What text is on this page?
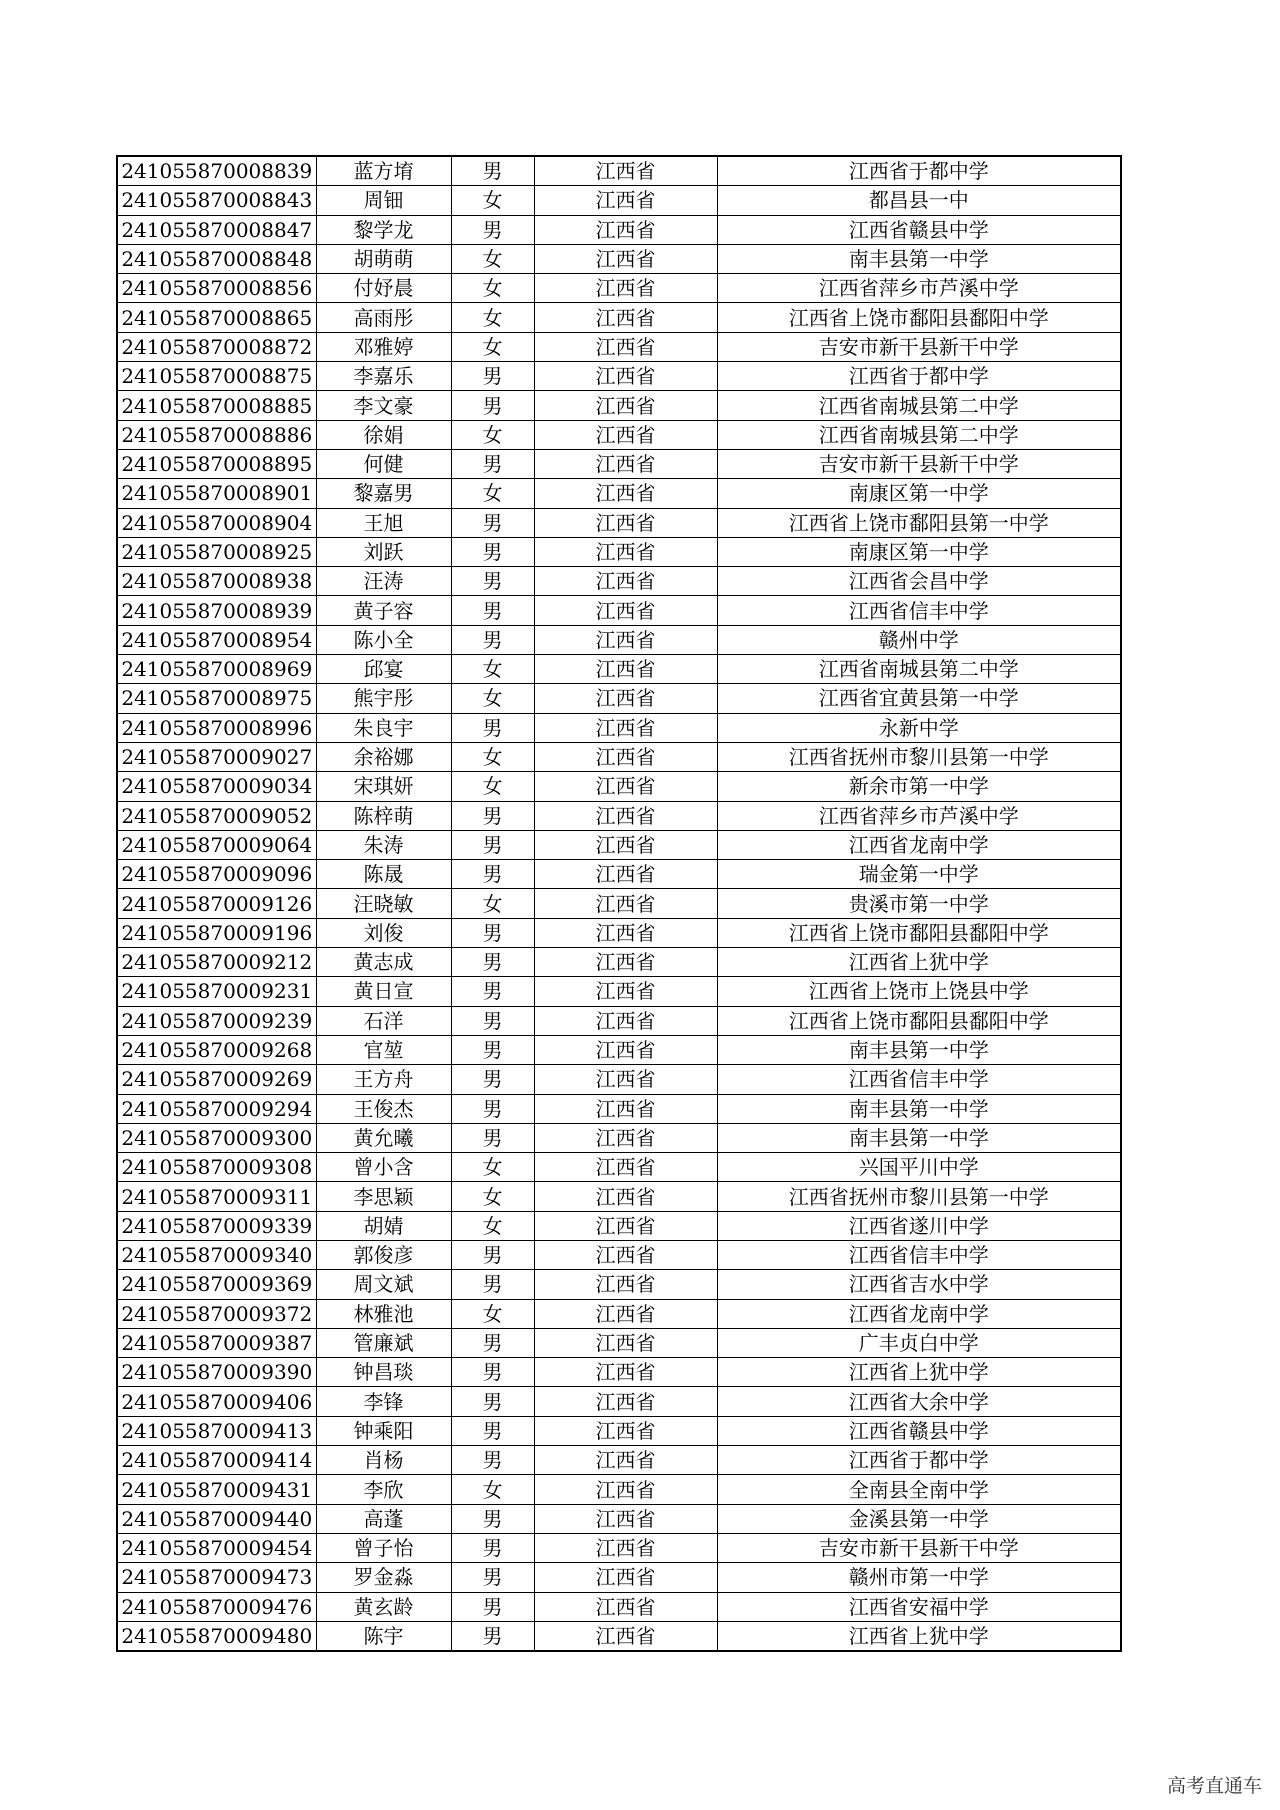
241055870008839	蓝方堉	男	江西省	江西省于都中学
241055870008843	周钿	女	江西省	都昌县一中
241055870008847	黎学龙	男	江西省	江西省赣县中学
241055870008848	胡萌萌	女	江西省	南丰县第一中学
241055870008856	付妤晨	女	江西省	江西省萍乡市芦溪中学
241055870008865	高雨彤	女	江西省	江西省上饶市鄱阳县鄱阳中学
241055870008872	邓雅婷	女	江西省	吉安市新干县新干中学
241055870008875	李嘉乐	男	江西省	江西省于都中学
241055870008885	李文豪	男	江西省	江西省南城县第二中学
241055870008886	徐娟	女	江西省	江西省南城县第二中学
241055870008895	何健	男	江西省	吉安市新干县新干中学
241055870008901	黎嘉男	女	江西省	南康区第一中学
241055870008904	王旭	男	江西省	江西省上饶市鄱阳县第一中学
241055870008925	刘跃	男	江西省	南康区第一中学
241055870008938	汪涛	男	江西省	江西省会昌中学
241055870008939	黄子容	男	江西省	江西省信丰中学
241055870008954	陈小全	男	江西省	赣州中学
241055870008969	邱宴	女	江西省	江西省南城县第二中学
241055870008975	熊宇彤	女	江西省	江西省宜黄县第一中学
241055870008996	朱良宇	男	江西省	永新中学
241055870009027	余裕娜	女	江西省	江西省抚州市黎川县第一中学
241055870009034	宋琪妍	女	江西省	新余市第一中学
241055870009052	陈梓萌	男	江西省	江西省萍乡市芦溪中学
241055870009064	朱涛	男	江西省	江西省龙南中学
241055870009096	陈晟	男	江西省	瑞金第一中学
241055870009126	汪晓敏	女	江西省	贵溪市第一中学
241055870009196	刘俊	男	江西省	江西省上饶市鄱阳县鄱阳中学
241055870009212	黄志成	男	江西省	江西省上犹中学
241055870009231	黄日宣	男	江西省	江西省上饶市上饶县中学
241055870009239	石洋	男	江西省	江西省上饶市鄱阳县鄱阳中学
241055870009268	官堃	男	江西省	南丰县第一中学
241055870009269	王方舟	男	江西省	江西省信丰中学
241055870009294	王俊杰	男	江西省	南丰县第一中学
241055870009300	黄允曦	男	江西省	南丰县第一中学
241055870009308	曾小含	女	江西省	兴国平川中学
241055870009311	李思颖	女	江西省	江西省抚州市黎川县第一中学
241055870009339	胡婧	女	江西省	江西省遂川中学
241055870009340	郭俊彦	男	江西省	江西省信丰中学
241055870009369	周文斌	男	江西省	江西省吉水中学
241055870009372	林雅池	女	江西省	江西省龙南中学
241055870009387	管廉斌	男	江西省	广丰贞白中学
241055870009390	钟昌琰	男	江西省	江西省上犹中学
241055870009406	李锋	男	江西省	江西省大余中学
241055870009413	钟乘阳	男	江西省	江西省赣县中学
241055870009414	肖杨	男	江西省	江西省于都中学
241055870009431	李欣	女	江西省	全南县全南中学
241055870009440	高蓬	男	江西省	金溪县第一中学
241055870009454	曾子怡	男	江西省	吉安市新干县新干中学
241055870009473	罗金淼	男	江西省	赣州市第一中学
241055870009476	黄玄龄	男	江西省	江西省安福中学
241055870009480	陈宇	男	江西省	江西省上犹中学

高考直通车
